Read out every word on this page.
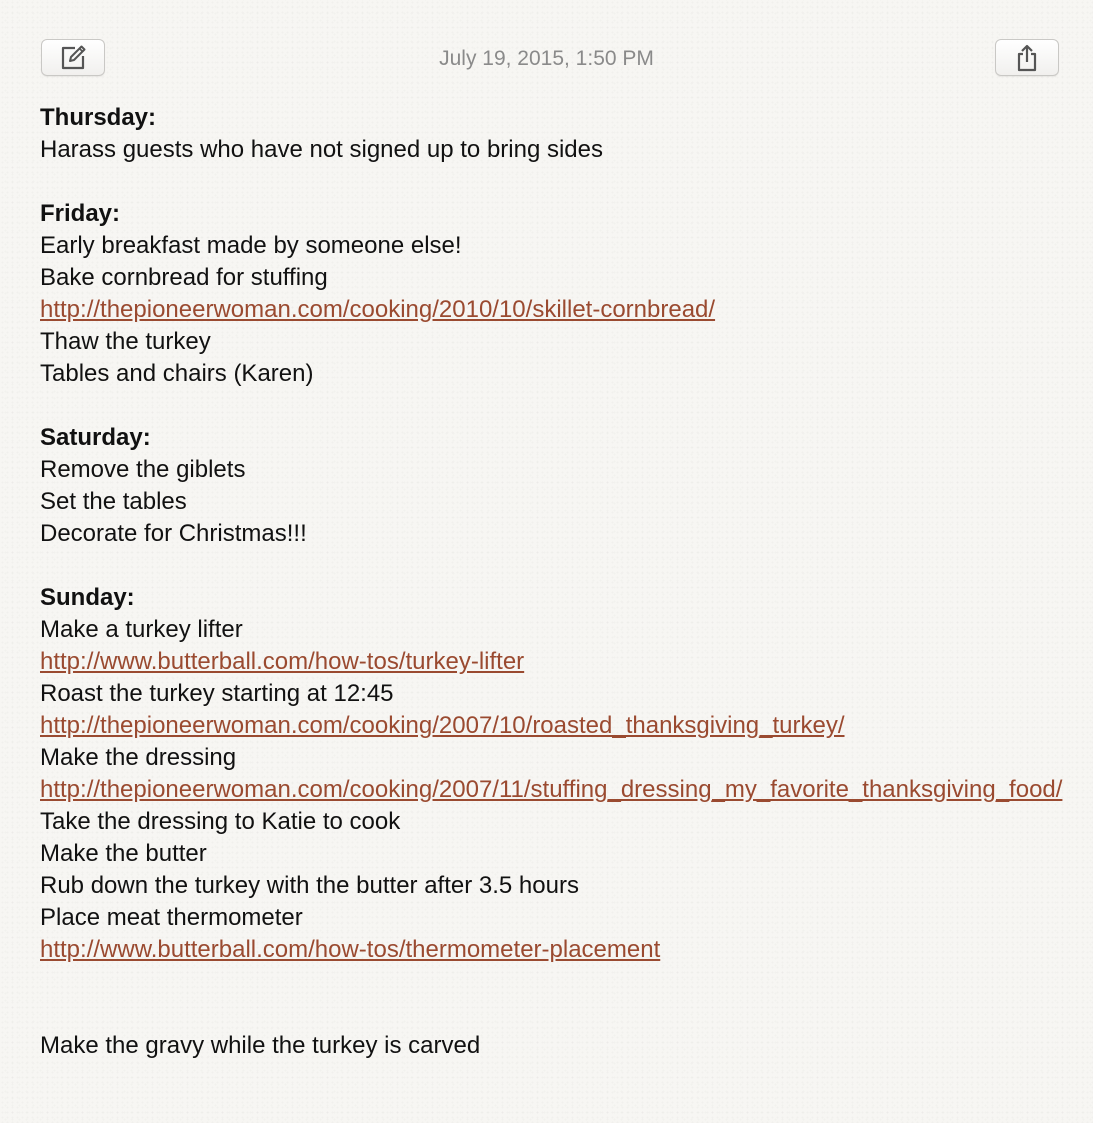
July 19, 2015, 1:50 PM
Thursday:
Harass guests who have not signed up to bring sides
Friday:
Early breakfast made by someone else!
Bake cornbread for stuffing
http://thepioneerwoman.com/cooking/2010/10/skillet-cornbread/
Thaw the turkey
Tables and chairs (Karen)
Saturday:
Remove the giblets
Set the tables
Decorate for Christmas!!!
Sunday:
Make a turkey lifter
http://www.butterball.com/how-tos/turkey-lifter
Roast the turkey starting at 12:45
http://thepioneerwoman.com/cooking/2007/10/roasted_thanksgiving_turkey/
Make the dressing
http://thepioneerwoman.com/cooking/2007/11/stuffing_dressing_my_favorite_thanksgiving_food/
Take the dressing to Katie to cook
Make the butter
Rub down the turkey with the butter after 3.5 hours
Place meat thermometer
http://www.butterball.com/how-tos/thermometer-placement
Make the gravy while the turkey is carved
